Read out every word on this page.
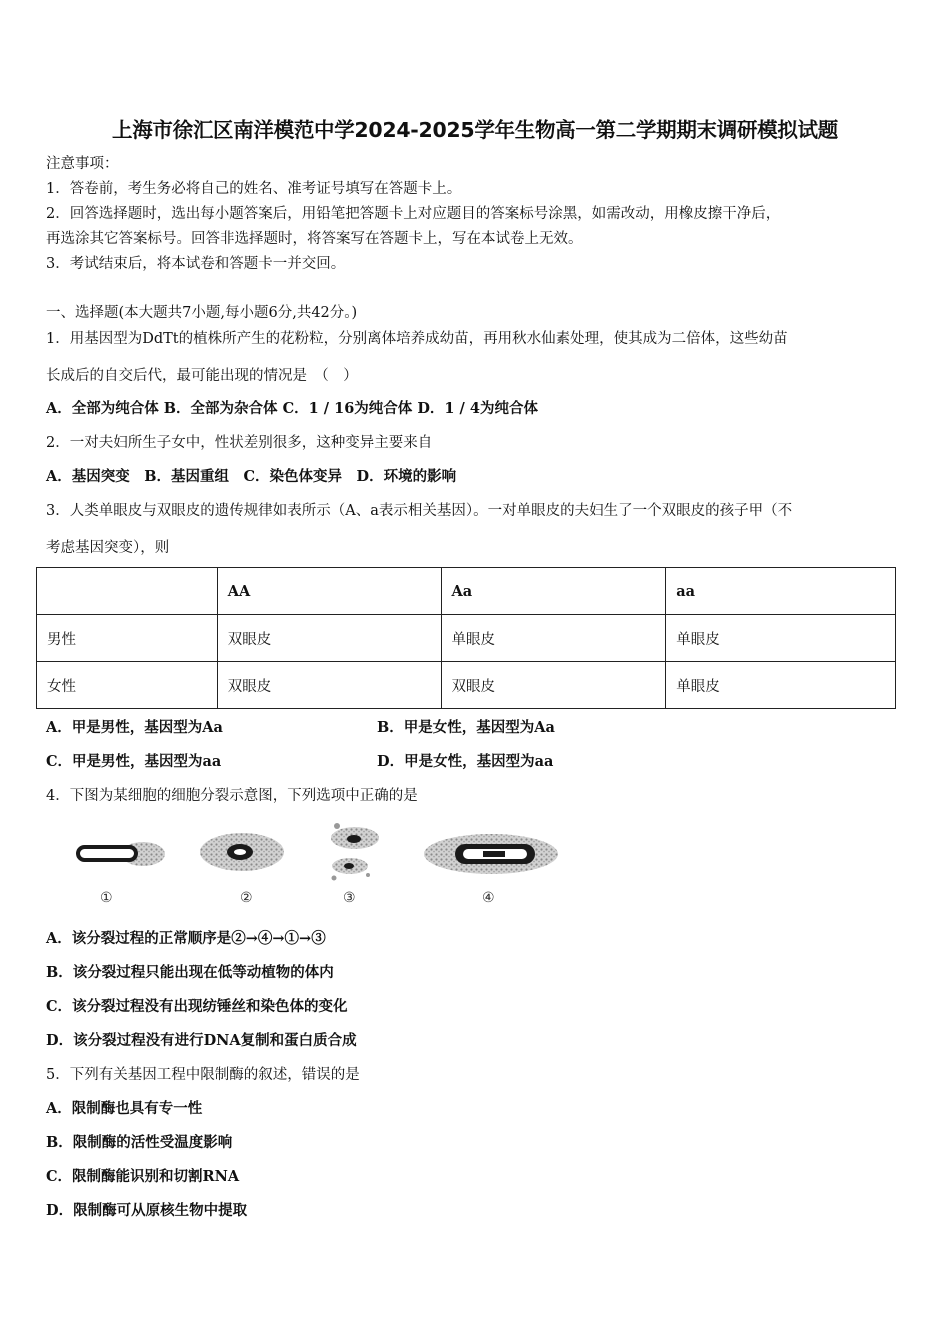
上海市徐汇区南洋模范中学2024-2025学年生物高一第二学期期末调研模拟试题
注意事项：
1．答卷前，考生务必将自己的姓名、准考证号填写在答题卡上。
2．回答选择题时，选出每小题答案后，用铅笔把答题卡上对应题目的答案标号涂黑，如需改动，用橡皮擦干净后，
再选涂其它答案标号。回答非选择题时，将答案写在答题卡上，写在本试卷上无效。
3．考试结束后，将本试卷和答题卡一并交回。
一、选择题(本大题共7小题,每小题6分,共42分。)
1．用基因型为DdTt的植株所产生的花粉粒，分别离体培养成幼苗，再用秋水仙素处理，使其成为二倍体，这些幼苗
长成后的自交后代，最可能出现的情况是　（　）
A．全部为纯合体 B．全部为杂合体 C．1 / 16为纯合体 D．1 / 4为纯合体
2．一对夫妇所生子女中，性状差别很多，这种变异主要来自
A．基因突变　B．基因重组　C．染色体变异　D．环境的影响
3．人类单眼皮与双眼皮的遗传规律如表所示（A、a表示相关基因）。一对单眼皮的夫妇生了一个双眼皮的孩子甲（不
考虑基因突变），则
	AA	Aa	aa
男性	双眼皮	单眼皮	单眼皮
女性	双眼皮	双眼皮	单眼皮
A．甲是男性，基因型为Aa	B．甲是女性，基因型为Aa
C．甲是男性，基因型为aa	D．甲是女性，基因型为aa
4．下图为某细胞的细胞分裂示意图，下列选项中正确的是
①	②	③	④
A．该分裂过程的正常顺序是②→④→①→③
B．该分裂过程只能出现在低等动植物的体内
C．该分裂过程没有出现纺锤丝和染色体的变化
D．该分裂过程没有进行DNA复制和蛋白质合成
5．下列有关基因工程中限制酶的叙述，错误的是
A．限制酶也具有专一性
B．限制酶的活性受温度影响
C．限制酶能识别和切割RNA
D．限制酶可从原核生物中提取
